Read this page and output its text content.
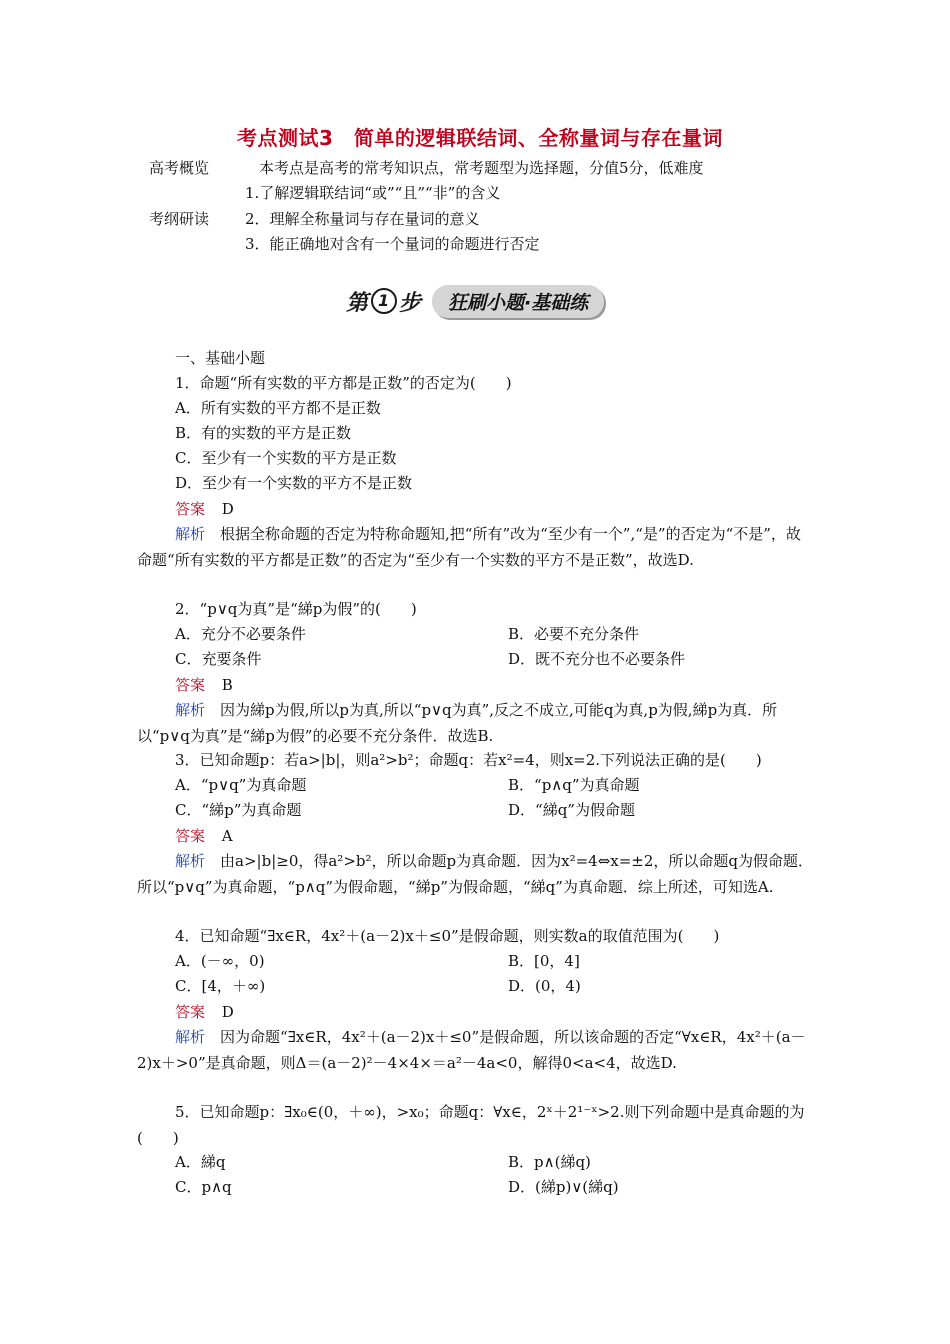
考点测试3　简单的逻辑联结词、全称量词与存在量词
高考概览	本考点是高考的常考知识点，常考题型为选择题，分值5分，低难度
考纲研读
1.了解逻辑联结词“或”“且”“非”的含义
2．理解全称量词与存在量词的意义
3．能正确地对含有一个量词的命题进行否定
第 1 步	狂刷小题·基础练
一、基础小题
1．命题“所有实数的平方都是正数”的否定为(　　)
A．所有实数的平方都不是正数
B．有的实数的平方是正数
C．至少有一个实数的平方是正数
D．至少有一个实数的平方不是正数
答案 D
解析　 根据全称命题的否定为特称命题知,把“所有”改为“至少有一个”,“是”的否定为“不是”，故命题“所有实数的平方都是正数”的否定为“至少有一个实数的平方不是正数”，故选D.
2．“p∨q为真”是“綈p为假”的(　　)
A．充分不必要条件	B．必要不充分条件
C．充要条件	D．既不充分也不必要条件
答案 B
解析　 因为綈p为假,所以p为真,所以“p∨q为真”,反之不成立,可能q为真,p为假,綈p为真．所以“p∨q为真”是“綈p为假”的必要不充分条件．故选B.
3．已知命题p：若a>|b|，则a²>b²；命题q：若x²=4，则x=2.下列说法正确的是(　　)
A．“p∨q”为真命题	B．“p∧q”为真命题
C．“綈p”为真命题	D．“綈q”为假命题
答案 A
解析　 由a>|b|≥0，得a²>b²，所以命题p为真命题．因为x²=4⇔x=±2，所以命题q为假命题．所以“p∨q”为真命题，“p∧q”为假命题，“綈p”为假命题，“綈q”为真命题．综上所述，可知选A.
4．已知命题“∃x∈R，4x²＋(a－2)x＋≤0”是假命题，则实数a的取值范围为(　　)
A．(－∞，0)	B．[0，4]
C．[4，＋∞)	D．(0，4)
答案 D
解析　 因为命题“∃x∈R，4x²＋(a－2)x＋≤0”是假命题，所以该命题的否定“∀x∈R，4x²＋(a－2)x＋>0”是真命题，则Δ＝(a－2)²－4×4×＝a²－4a<0，解得0<a<4，故选D.
5．已知命题p：∃x₀∈(0，＋∞)，>x₀；命题q：∀x∈，2ˣ＋2¹⁻ˣ>2.则下列命题中是真命题的为(　　)
A．綈q	B．p∧(綈q)
C．p∧q	D．(綈p)∨(綈q)
